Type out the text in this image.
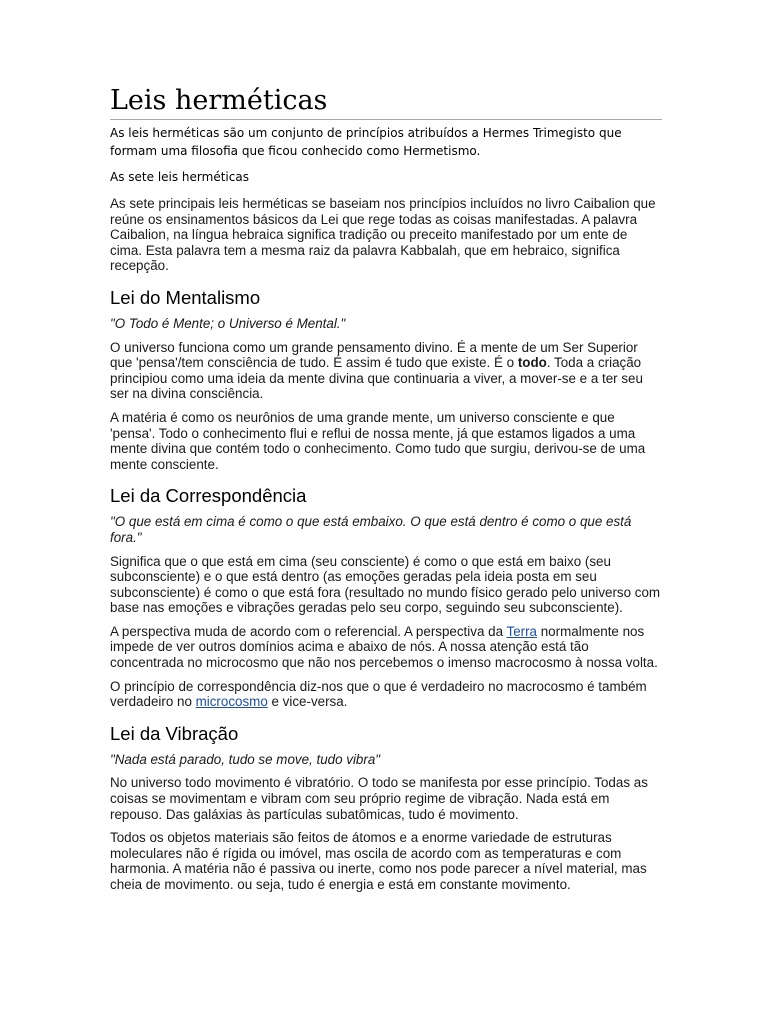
Leis herméticas
As leis herméticas são um conjunto de princípios atribuídos a Hermes Trimegisto que formam uma filosofia que ficou conhecido como Hermetismo.
As sete leis herméticas

As sete principais leis herméticas se baseiam nos princípios incluídos no livro Caibalion que reúne os ensinamentos básicos da Lei que rege todas as coisas manifestadas. A palavra Caibalion, na língua hebraica significa tradição ou preceito manifestado por um ente de cima. Esta palavra tem a mesma raiz da palavra Kabbalah, que em hebraico, significa recepção.

Lei do Mentalismo

"O Todo é Mente; o Universo é Mental."

O universo funciona como um grande pensamento divino. É a mente de um Ser Superior que 'pensa'/tem consciência de tudo. É assim é tudo que existe. É o todo. Toda a criação principiou como uma ideia da mente divina que continuaria a viver, a mover-se e a ter seu ser na divina consciência.

A matéria é como os neurônios de uma grande mente, um universo consciente e que 'pensa'. Todo o conhecimento flui e reflui de nossa mente, já que estamos ligados a uma mente divina que contém todo o conhecimento. Como tudo que surgiu, derivou-se de uma mente consciente.

Lei da Correspondência

"O que está em cima é como o que está embaixo. O que está dentro é como o que está fora."

Significa que o que está em cima (seu consciente) é como o que está em baixo (seu subconsciente) e o que está dentro (as emoções geradas pela ideia posta em seu subconsciente) é como o que está fora (resultado no mundo físico gerado pelo universo com base nas emoções e vibrações geradas pelo seu corpo, seguindo seu subconsciente).

A perspectiva muda de acordo com o referencial. A perspectiva da Terra normalmente nos impede de ver outros domínios acima e abaixo de nós. A nossa atenção está tão concentrada no microcosmo que não nos percebemos o imenso macrocosmo à nossa volta.

O princípio de correspondência diz-nos que o que é verdadeiro no macrocosmo é também verdadeiro no microcosmo e vice-versa.

Lei da Vibração

"Nada está parado, tudo se move, tudo vibra"

No universo todo movimento é vibratório. O todo se manifesta por esse princípio. Todas as coisas se movimentam e vibram com seu próprio regime de vibração. Nada está em repouso. Das galáxias às partículas subatômicas, tudo é movimento.

Todos os objetos materiais são feitos de átomos e a enorme variedade de estruturas moleculares não é rígida ou imóvel, mas oscila de acordo com as temperaturas e com harmonia. A matéria não é passiva ou inerte, como nos pode parecer a nível material, mas cheia de movimento. ou seja, tudo é energia e está em constante movimento.
